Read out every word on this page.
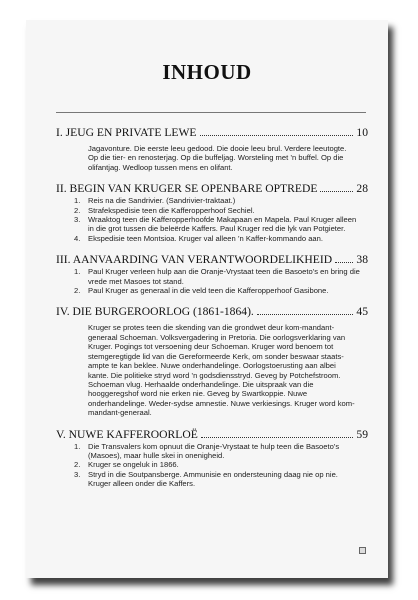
INHOUD
I. JEUG EN PRIVATE LEWE	10

Jagavonture. Die eerste leeu gedood. Die dooie leeu brul. Verdere leeutogte. Op die tier- en renosterjag. Op die buffeljag. Worsteling met ’n buffel. Op die olifantjag. Wedloop tussen mens en olifant.

II. BEGIN VAN KRUGER SE OPENBARE OPTREDE	28
1. Reis na die Sandrivier. (Sandrivier-traktaat.)
2. Strafekspedisie teen die Kafferopperhoof Sechiel.
3. Wraaktog teen die Kafferopperhoofde Makapaan en Mapela. Paul Kruger alleen in die grot tussen die beleërde Kaffers. Paul Kruger red die lyk van Potgieter.
4. Ekspedisie teen Montsioa. Kruger val alleen ’n Kaffer-kommando aan.
III. AANVAARDING VAN VERANTWOORDELIKHEID 38
1. Paul Kruger verleen hulp aan die Oranje-Vrystaat teen die Basoeto’s en bring die vrede met Masoes tot stand.
2. Paul Kruger as generaal in die veld teen die Kafferopperhoof Gasibone.
IV. DIE BURGEROORLOG (1861-1864).	45

Kruger se protes teen die skending van die grondwet deur kom-mandant-generaal Schoeman. Volksvergadering in Pretoria. Die oorlogsverklaring van Kruger. Pogings tot versoening deur Schoeman. Kruger word benoem tot stemgeregtigde lid van die Gereformeerde Kerk, om sonder beswaar staats-ampte te kan beklee. Nuwe onderhandelinge. Oorlogstoerusting aan albei kante. Die politieke stryd word ’n godsdiensstryd. Geveg by Potchefstroom. Schoeman vlug. Herhaalde onderhandelinge. Die uitspraak van die hooggeregshof word nie erken nie. Geveg by Swartkoppie. Nuwe onderhandelinge. Weder-sydse amnestie. Nuwe verkiesings. Kruger word kom-mandant-generaal.

V. NUWE KAFFEROORLOË	59
1. Die Transvalers kom opnuut die Oranje-Vrystaat te hulp teen die Basoeto’s (Masoes), maar hulle skei in onenigheid.
2. Kruger se ongeluk in 1866.
3. Stryd in die Soutpansberge. Ammunisie en ondersteuning daag nie op nie. Kruger alleen onder die Kaffers.
